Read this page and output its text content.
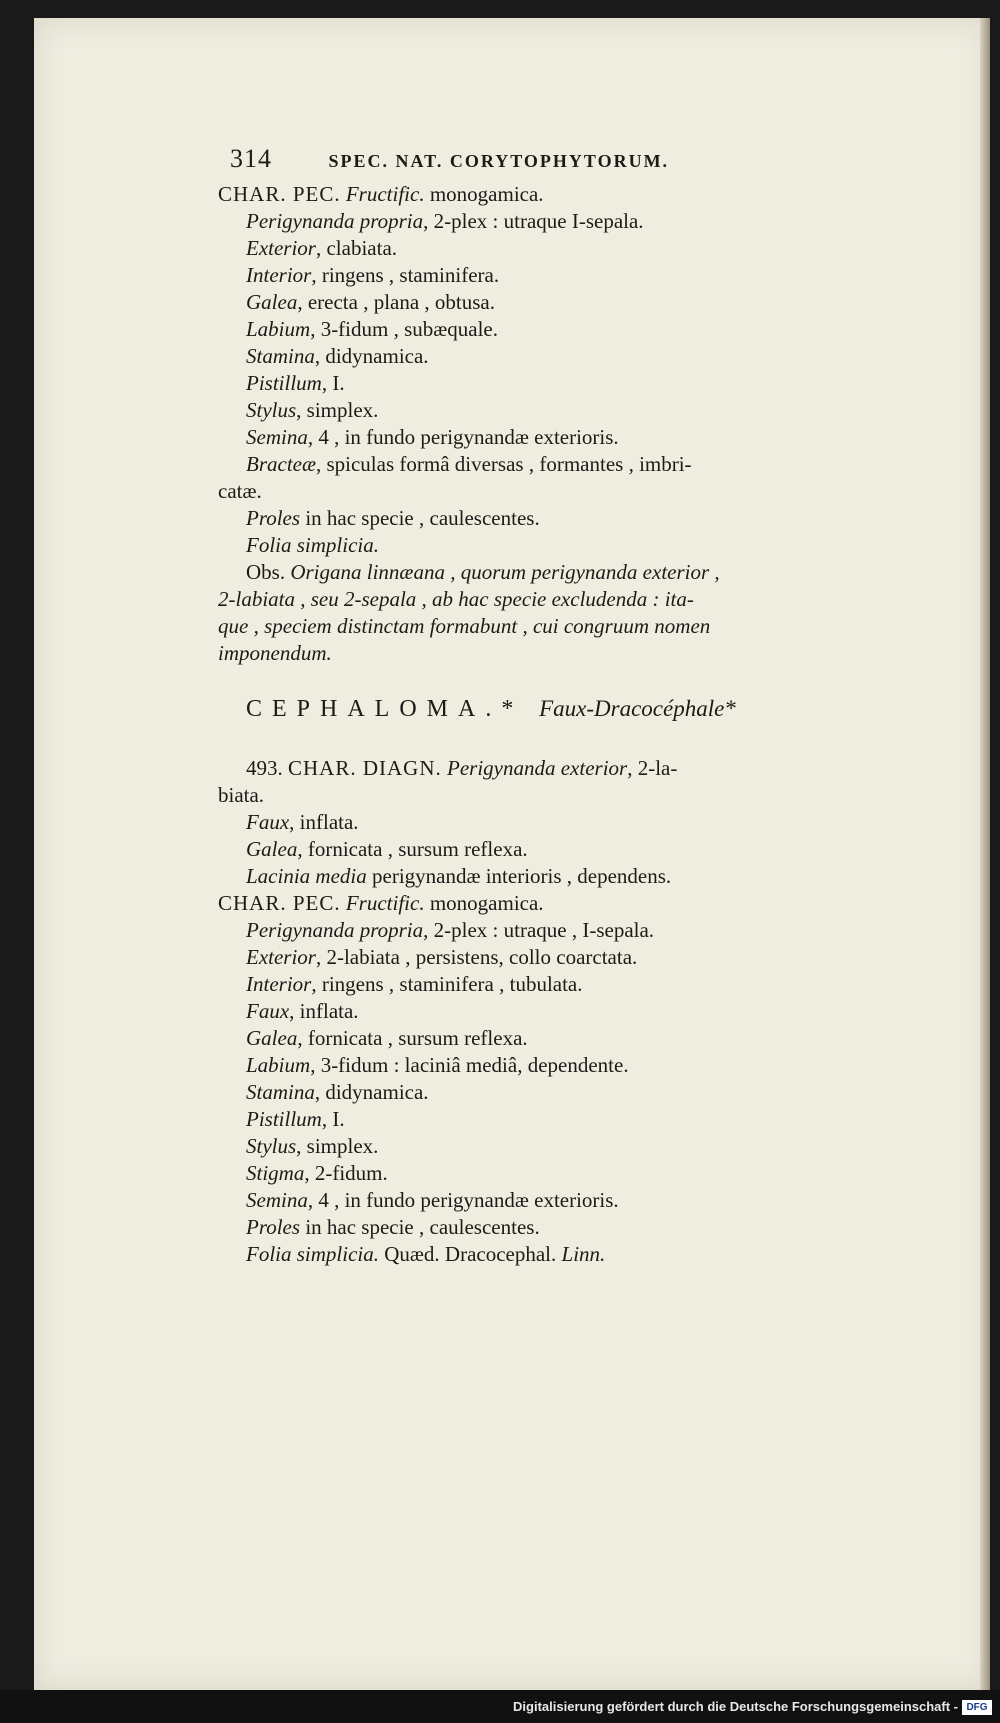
314	SPEC. NAT. CORYTOPHYTORUM.
CHAR. PEC. Fructific. monogamica.
Perigynanda propria, 2-plex : utraque I-sepala.
Exterior, clabiata.
Interior, ringens , staminifera.
Galea, erecta , plana , obtusa.
Labium, 3-fidum , subæquale.
Stamina, didynamica.
Pistillum, I.
Stylus, simplex.
Semina, 4 , in fundo perigynandæ exterioris.
Bracteæ, spiculas formâ diversas , formantes , imbri-
catæ.
Proles in hac specie , caulescentes.
Folia simplicia.
Obs. Origana linnæana , quorum perigynanda exterior ,
2-labiata , seu 2-sepala , ab hac specie excludenda : ita-
que , speciem distinctam formabunt , cui congruum nomen
imponendum.
CEPHALOMA.* Faux-Dracocéphale*
493. CHAR. DIAGN. Perigynanda exterior, 2-la-
biata.
Faux, inflata.
Galea, fornicata , sursum reflexa.
Lacinia media perigynandæ interioris , dependens.
CHAR. PEC. Fructific. monogamica.
Perigynanda propria, 2-plex : utraque , I-sepala.
Exterior, 2-labiata , persistens, collo coarctata.
Interior, ringens , staminifera , tubulata.
Faux, inflata.
Galea, fornicata , sursum reflexa.
Labium, 3-fidum : laciniâ mediâ, dependente.
Stamina, didynamica.
Pistillum, I.
Stylus, simplex.
Stigma, 2-fidum.
Semina, 4 , in fundo perigynandæ exterioris.
Proles in hac specie , caulescentes.
Folia simplicia. Quæd. Dracocephal. Linn.
Digitalisierung gefördert durch die Deutsche Forschungsgemeinschaft - DFG
